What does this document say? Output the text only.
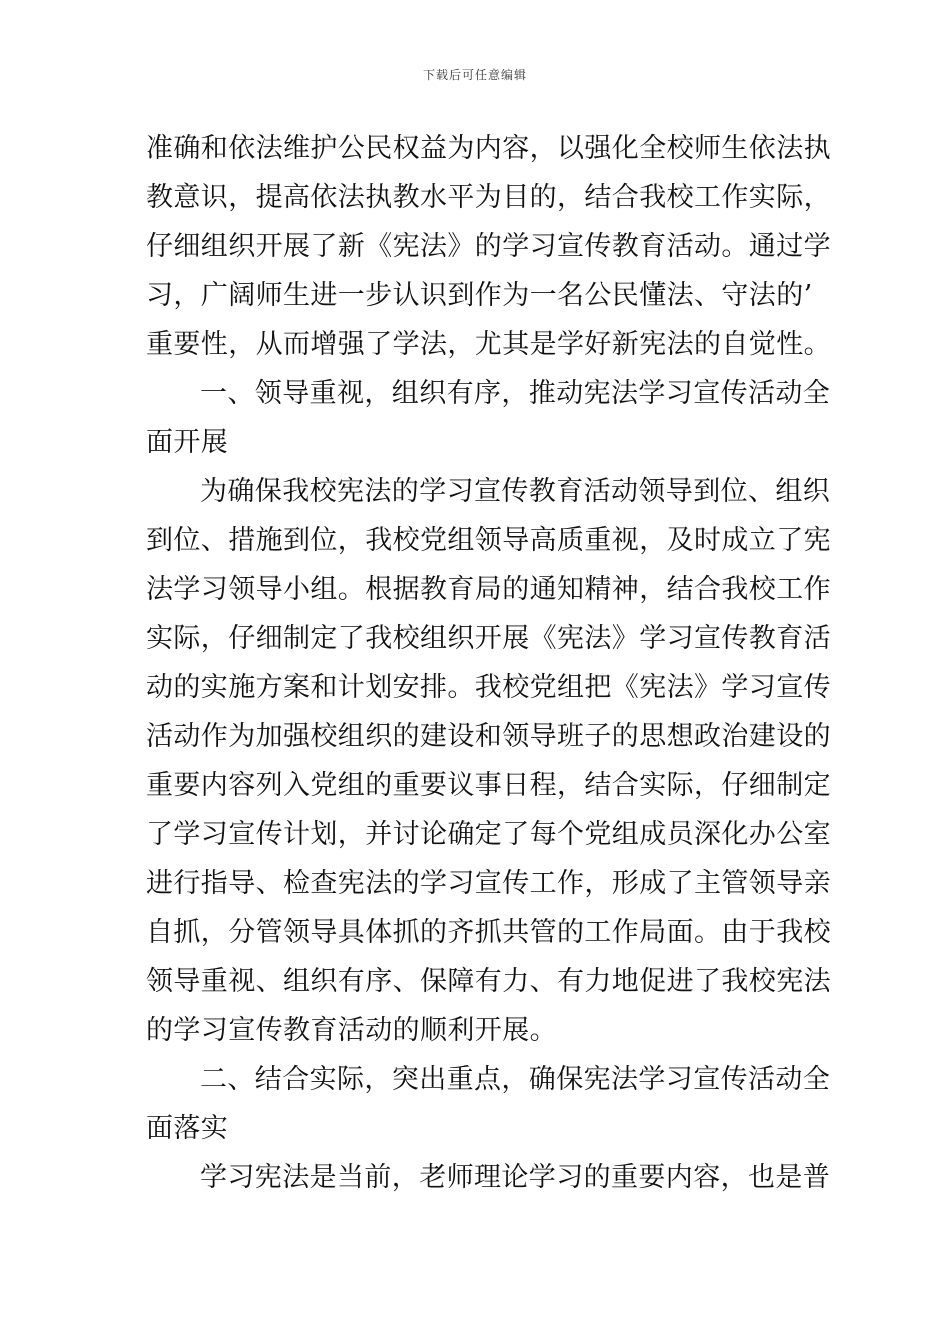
下载后可任意编辑
准确和依法维护公民权益为内容，以强化全校师生依法执
教意识，提高依法执教水平为目的，结合我校工作实际，
仔细组织开展了新《宪法》的学习宣传教育活动。通过学
习，广阔师生进一步认识到作为一名公民懂法、守法的’
重要性，从而增强了学法，尤其是学好新宪法的自觉性。
一、领导重视，组织有序，推动宪法学习宣传活动全
面开展
为确保我校宪法的学习宣传教育活动领导到位、组织
到位、措施到位，我校党组领导高质重视，及时成立了宪
法学习领导小组。根据教育局的通知精神，结合我校工作
实际，仔细制定了我校组织开展《宪法》学习宣传教育活
动的实施方案和计划安排。我校党组把《宪法》学习宣传
活动作为加强校组织的建设和领导班子的思想政治建设的
重要内容列入党组的重要议事日程，结合实际，仔细制定
了学习宣传计划，并讨论确定了每个党组成员深化办公室
进行指导、检查宪法的学习宣传工作，形成了主管领导亲
自抓，分管领导具体抓的齐抓共管的工作局面。由于我校
领导重视、组织有序、保障有力、有力地促进了我校宪法
的学习宣传教育活动的顺利开展。
二、结合实际，突出重点，确保宪法学习宣传活动全
面落实
学习宪法是当前，老师理论学习的重要内容，也是普
